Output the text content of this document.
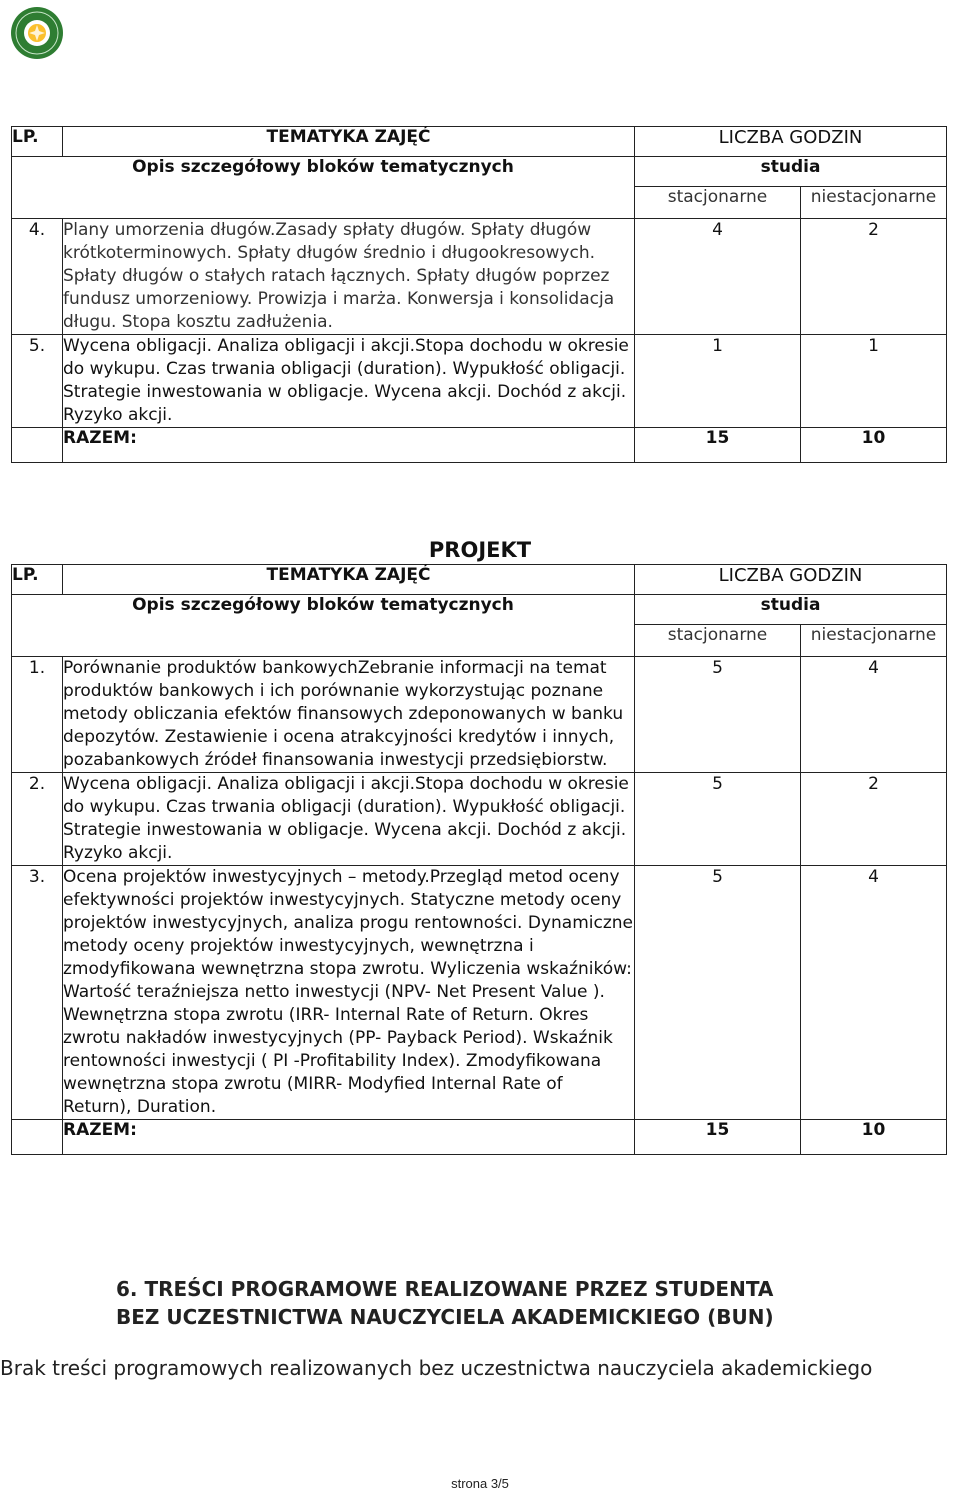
LP.	TEMATYKA ZAJĘĆ	LICZBA GODZIN	
Opis szczegółowy bloków tematycznych		studia	
		stacjonarne	niestacjonarne
4.	Plany umorzenia długów.Zasady spłaty długów. Spłaty długów krótkoterminowych. Spłaty długów średnio i długookresowych. Spłaty długów o stałych ratach łącznych. Spłaty długów poprzez fundusz umorzeniowy. Prowizja i marża. Konwersja i konsolidacja długu. Stopa kosztu zadłużenia.	4	2
5.	Wycena obligacji. Analiza obligacji i akcji.Stopa dochodu w okresie do wykupu. Czas trwania obligacji (duration). Wypukłość obligacji. Strategie inwestowania w obligacje. Wycena akcji. Dochód z akcji. Ryzyko akcji.	1	1
	RAZEM:	15	10
PROJEKT
LP.	TEMATYKA ZAJĘĆ	LICZBA GODZIN	
Opis szczegółowy bloków tematycznych		studia	
		stacjonarne	niestacjonarne
1.	Porównanie produktów bankowychZebranie informacji na temat produktów bankowych i ich porównanie wykorzystując poznane metody obliczania efektów finansowych zdeponowanych w banku depozytów. Zestawienie i ocena atrakcyjności kredytów i innych, pozabankowych źródeł finansowania inwestycji przedsiębiorstw.	5	4
2.	Wycena obligacji. Analiza obligacji i akcji.Stopa dochodu w okresie do wykupu. Czas trwania obligacji (duration). Wypukłość obligacji. Strategie inwestowania w obligacje. Wycena akcji. Dochód z akcji. Ryzyko akcji.	5	2
3.	Ocena projektów inwestycyjnych – metody.Przegląd metod oceny efektywności projektów inwestycyjnych. Statyczne metody oceny projektów inwestycyjnych, analiza progu rentowności. Dynamiczne metody oceny projektów inwestycyjnych, wewnętrzna i zmodyfikowana wewnętrzna stopa zwrotu. Wyliczenia wskaźników: Wartość teraźniejsza netto inwestycji (NPV- Net Present Value ). Wewnętrzna stopa zwrotu (IRR- Internal Rate of Return. Okres zwrotu nakładów inwestycyjnych (PP- Payback Period). Wskaźnik rentowności inwestycji ( PI -Profitability Index). Zmodyfikowana wewnętrzna stopa zwrotu (MIRR- Modyfied Internal Rate of Return), Duration.	5	4
	RAZEM:	15	10
6. TREŚCI PROGRAMOWE REALIZOWANE PRZEZ STUDENTA
BEZ UCZESTNICTWA NAUCZYCIELA AKADEMICKIEGO (BUN)
Brak treści programowych realizowanych bez uczestnictwa nauczyciela akademickiego
strona 3/5
